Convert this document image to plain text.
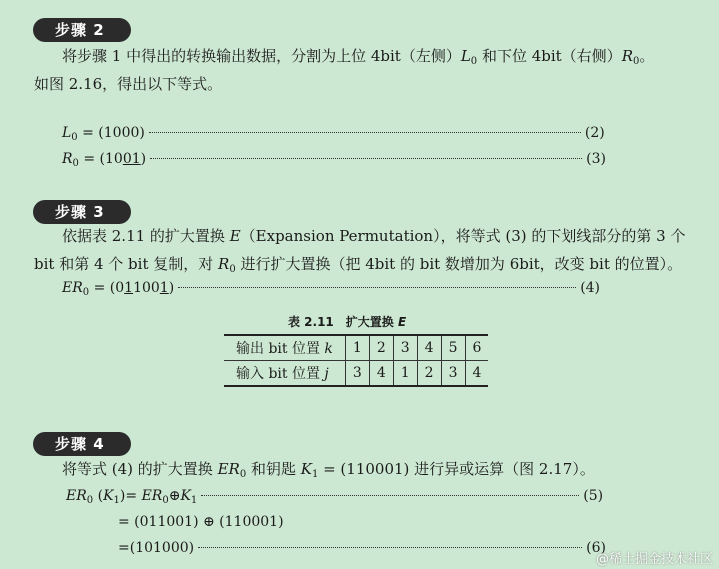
步骤 2
将步骤 1 中得出的转换输出数据，分割为上位 4bit（左侧）$L_0$ 和下位 4bit（右侧）$R_0$。
如图 2.16，得出以下等式。
$L_0 = (1000)$	(2)
$R_0 = (1001)$	(3)
步骤 3
依据表 2.11 的扩大置换 E（Expansion Permutation），将等式 (3) 的下划线部分的第 3 个
bit 和第 4 个 bit 复制，对 $R_0$ 进行扩大置换（把 4bit 的 bit 数增加为 6bit，改变 bit 的位置）。
$ER_0 = (011001)$	(4)
表 2.11　扩大置换 E
输出 bit 位置 k	1	2	3	4	5	6
输入 bit 位置 j	3	4	1	2	3	4
步骤 4
将等式 (4) 的扩大置换 $ER_0$ 和钥匙 $K_1 = (110001)$ 进行异或运算（图 2.17）。
$ER_0$ $(K_1)=$ $ER_0\oplus K_1$	(5)
= (011001) ⊕ (110001)
=(101000)	(6)
@稀土掘金技术社区
